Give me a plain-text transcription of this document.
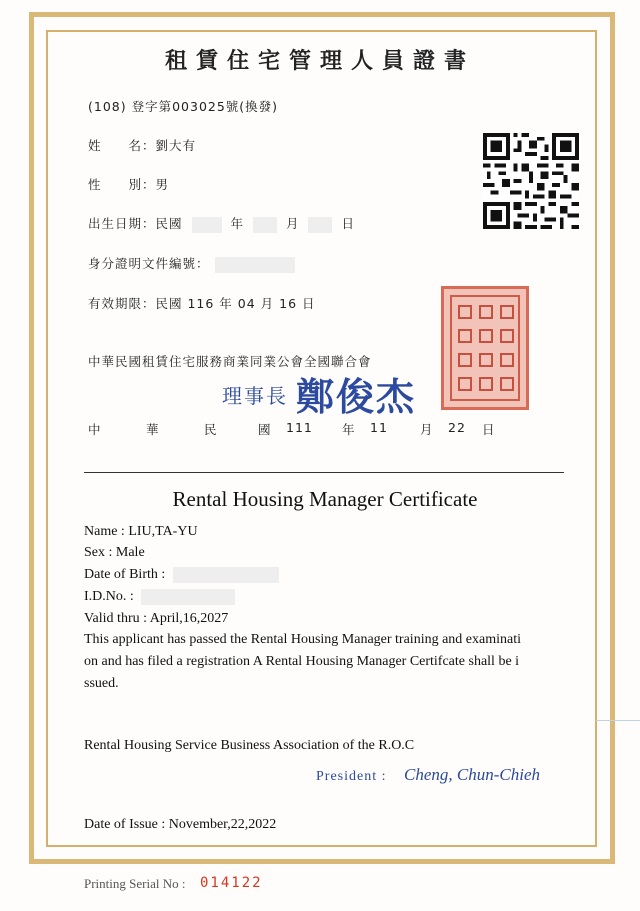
租賃住宅管理人員證書
(108) 登字第003025號(換發)
姓　　名：劉大有
性　　別：男
出生日期：民國	年	月	日
身分證明文件編號：
有效期限：民國 116 年 04 月 16 日
中華民國租賃住宅服務商業同業公會全國聯合會
理事長 鄭俊杰
中	華	民	國 111 年 11	月 22 日
Rental Housing Manager Certificate
Name : LIU,TA-YU
Sex : Male
Date of Birth :
I.D.No. :
Valid thru : April,16,2027
This applicant has passed the Rental Housing Manager training and examinati
on and has filed a registration A Rental Housing Manager Certifcate shall be i
ssued.
Rental Housing Service Business Association of the R.O.C
President : Cheng, Chun-Chieh
Date of Issue : November,22,2022
Printing Serial No : 014122
